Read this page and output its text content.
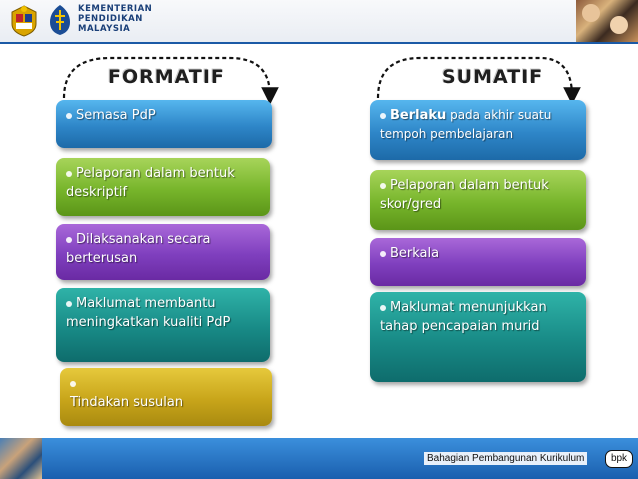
KEMENTERIAN
PENDIDIKAN
MALAYSIA
FORMATIF	SUMATIF
Semasa PdP
Pelaporan dalam bentuk deskriptif
Dilaksanakan secara berterusan
Maklumat membantu meningkatkan kualiti PdP

Tindakan susulan
Berlaku pada akhir suatu tempoh pembelajaran
Pelaporan dalam bentuk skor/gred
Berkala
Maklumat menunjukkan tahap pencapaian murid
Bahagian Pembangunan Kurikulum	bpk
